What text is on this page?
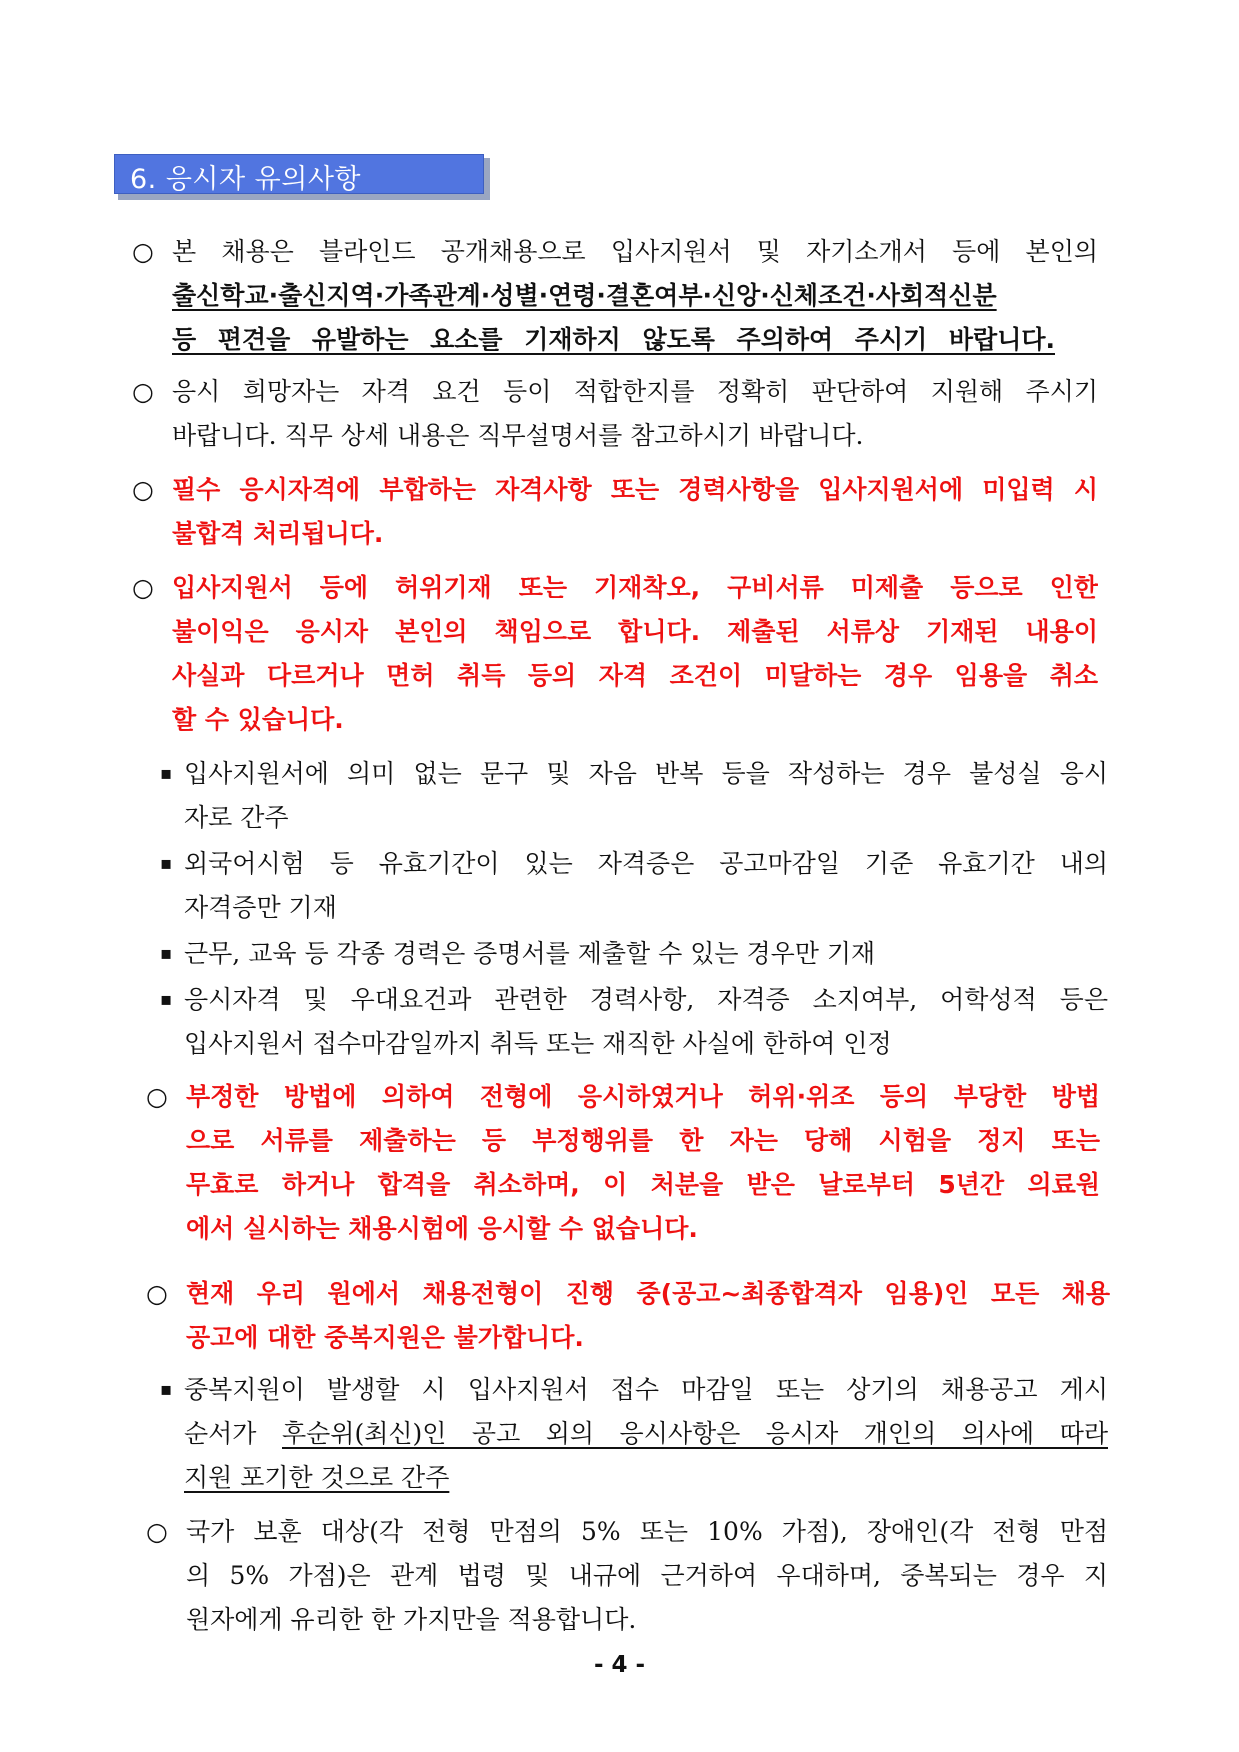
6. 응시자 유의사항
○ 본 채용은 블라인드 공개채용으로 입사지원서 및 자기소개서 등에 본인의
출신학교·출신지역·가족관계·성별·연령·결혼여부·신앙·신체조건·사회적신분
등 편견을 유발하는 요소를 기재하지 않도록 주의하여 주시기 바랍니다.
○ 응시 희망자는 자격 요건 등이 적합한지를 정확히 판단하여 지원해 주시기
바랍니다. 직무 상세 내용은 직무설명서를 참고하시기 바랍니다.
○ 필수 응시자격에 부합하는 자격사항 또는 경력사항을 입사지원서에 미입력 시
불합격 처리됩니다.
○ 입사지원서 등에 허위기재 또는 기재착오, 구비서류 미제출 등으로 인한
불이익은 응시자 본인의 책임으로 합니다. 제출된 서류상 기재된 내용이
사실과 다르거나 면허 취득 등의 자격 조건이 미달하는 경우 임용을 취소
할 수 있습니다.
▪ 입사지원서에 의미 없는 문구 및 자음 반복 등을 작성하는 경우 불성실 응시
자로 간주
▪ 외국어시험 등 유효기간이 있는 자격증은 공고마감일 기준 유효기간 내의
자격증만 기재
▪ 근무, 교육 등 각종 경력은 증명서를 제출할 수 있는 경우만 기재
▪ 응시자격 및 우대요건과 관련한 경력사항, 자격증 소지여부, 어학성적 등은
입사지원서 접수마감일까지 취득 또는 재직한 사실에 한하여 인정
○ 부정한 방법에 의하여 전형에 응시하였거나 허위·위조 등의 부당한 방법
으로 서류를 제출하는 등 부정행위를 한 자는 당해 시험을 정지 또는
무효로 하거나 합격을 취소하며, 이 처분을 받은 날로부터 5년간 의료원
에서 실시하는 채용시험에 응시할 수 없습니다.
○ 현재 우리 원에서 채용전형이 진행 중(공고~최종합격자 임용)인 모든 채용
공고에 대한 중복지원은 불가합니다.
▪ 중복지원이 발생할 시 입사지원서 접수 마감일 또는 상기의 채용공고 게시
순서가	후순위(최신)인 공고 외의 응시사항은 응시자 개인의 의사에 따라
지원 포기한 것으로 간주
○ 국가 보훈 대상(각 전형 만점의 5% 또는 10% 가점), 장애인(각 전형 만점
의 5% 가점)은 관계 법령 및 내규에 근거하여 우대하며, 중복되는 경우 지
원자에게 유리한 한 가지만을 적용합니다.
- 4 -
